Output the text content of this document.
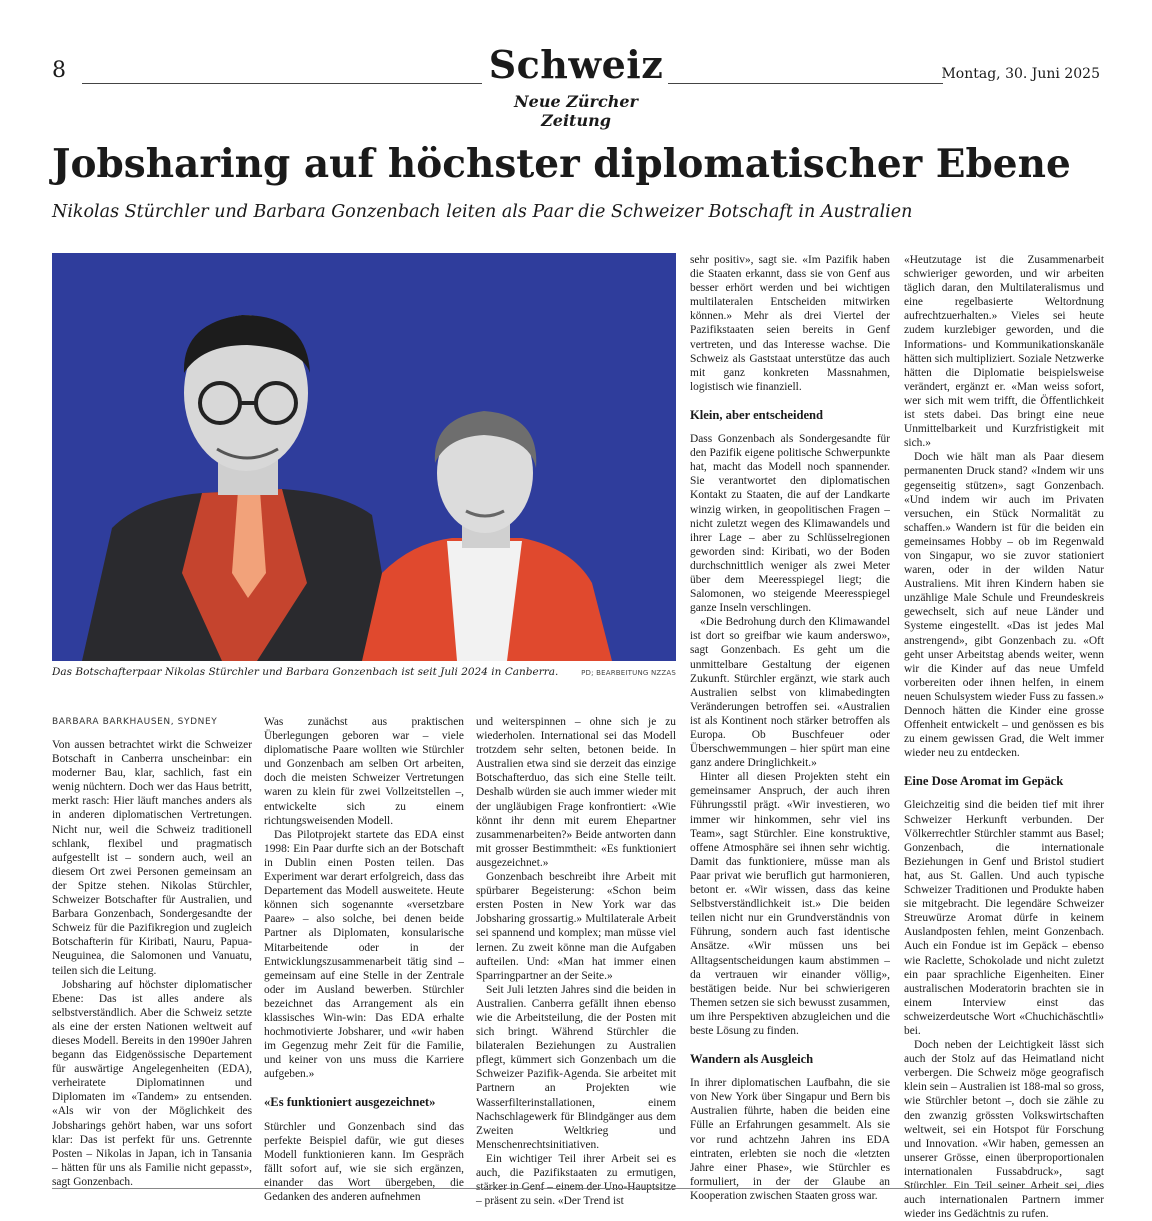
8	Schweiz
Neue Zürcher Zeitung
Montag, 30. Juni 2025
Jobsharing auf höchster diplomatischer Ebene
Nikolas Stürchler und Barbara Gonzenbach leiten als Paar die Schweizer Botschaft in Australien
Das Botschafterpaar Nikolas Stürchler und Barbara Gonzenbach ist seit Juli 2024 in Canberra.	PD; BEARBEITUNG NZZAS
BARBARA BARKHAUSEN, SYDNEY

Von aussen betrachtet wirkt die Schweizer Botschaft in Canberra unscheinbar: ein moderner Bau, klar, sachlich, fast ein wenig nüchtern. Doch wer das Haus betritt, merkt rasch: Hier läuft manches anders als in anderen diplomatischen Vertretungen. Nicht nur, weil die Schweiz traditionell schlank, flexibel und pragmatisch aufgestellt ist – sondern auch, weil an diesem Ort zwei Personen gemeinsam an der Spitze stehen. Nikolas Stürchler, Schweizer Botschafter für Australien, und Barbara Gonzenbach, Sondergesandte der Schweiz für die Pazifikregion und zugleich Botschafterin für Kiribati, Nauru, Papua-Neuguinea, die Salomonen und Vanuatu, teilen sich die Leitung.

Jobsharing auf höchster diplomatischer Ebene: Das ist alles andere als selbstverständlich. Aber die Schweiz setzte als eine der ersten Nationen weltweit auf dieses Modell. Bereits in den 1990er Jahren begann das Eidgenössische Departement für auswärtige Angelegenheiten (EDA), verheiratete Diplomatinnen und Diplomaten im «Tandem» zu entsenden. «Als wir von der Möglichkeit des Jobsharings gehört haben, war uns sofort klar: Das ist perfekt für uns. Getrennte Posten – Nikolas in Japan, ich in Tansania – hätten für uns als Familie nicht gepasst», sagt Gonzenbach.

Was zunächst aus praktischen Überlegungen geboren war – viele diplomatische Paare wollten wie Stürchler und Gonzenbach am selben Ort arbeiten, doch die meisten Schweizer Vertretungen waren zu klein für zwei Vollzeitstellen –, entwickelte sich zu einem richtungsweisenden Modell.

Das Pilotprojekt startete das EDA einst 1998: Ein Paar durfte sich an der Botschaft in Dublin einen Posten teilen. Das Experiment war derart erfolgreich, dass das Departement das Modell ausweitete. Heute können sich sogenannte «versetzbare Paare» – also solche, bei denen beide Partner als Diplomaten, konsularische Mitarbeitende oder in der Entwicklungszusammenarbeit tätig sind – gemeinsam auf eine Stelle in der Zentrale oder im Ausland bewerben. Stürchler bezeichnet das Arrangement als ein klassisches Win-win: Das EDA erhalte hochmotivierte Jobsharer, und «wir haben im Gegenzug mehr Zeit für die Familie, und keiner von uns muss die Karriere aufgeben.»

«Es funktioniert ausgezeichnet»

Stürchler und Gonzenbach sind das perfekte Beispiel dafür, wie gut dieses Modell funktionieren kann. Im Gespräch fällt sofort auf, wie sie sich ergänzen, einander das Wort übergeben, die Gedanken des anderen aufnehmen

und weiterspinnen – ohne sich je zu wiederholen. International sei das Modell trotzdem sehr selten, betonen beide. In Australien etwa sind sie derzeit das einzige Botschafterduo, das sich eine Stelle teilt. Deshalb würden sie auch immer wieder mit der ungläubigen Frage konfrontiert: «Wie könnt ihr denn mit eurem Ehepartner zusammenarbeiten?» Beide antworten dann mit grosser Bestimmtheit: «Es funktioniert ausgezeichnet.»

Gonzenbach beschreibt ihre Arbeit mit spürbarer Begeisterung: «Schon beim ersten Posten in New York war das Jobsharing grossartig.» Multilaterale Arbeit sei spannend und komplex; man müsse viel lernen. Zu zweit könne man die Aufgaben aufteilen. Und: «Man hat immer einen Sparringpartner an der Seite.»

Seit Juli letzten Jahres sind die beiden in Australien. Canberra gefällt ihnen ebenso wie die Arbeitsteilung, die der Posten mit sich bringt. Während Stürchler die bilateralen Beziehungen zu Australien pflegt, kümmert sich Gonzenbach um die Schweizer Pazifik-Agenda. Sie arbeitet mit Partnern an Projekten wie Wasserfilterinstallationen, einem Nachschlagewerk für Blindgänger aus dem Zweiten Weltkrieg und Menschenrechtsinitiativen.

Ein wichtiger Teil ihrer Arbeit sei es auch, die Pazifikstaaten zu ermutigen, stärker in Genf – einem der Uno-Hauptsitze – präsent zu sein. «Der Trend ist

sehr positiv», sagt sie. «Im Pazifik haben die Staaten erkannt, dass sie von Genf aus besser erhört werden und bei wichtigen multilateralen Entscheiden mitwirken können.» Mehr als drei Viertel der Pazifikstaaten seien bereits in Genf vertreten, und das Interesse wachse. Die Schweiz als Gaststaat unterstütze das auch mit ganz konkreten Massnahmen, logistisch wie finanziell.

Klein, aber entscheidend

Dass Gonzenbach als Sondergesandte für den Pazifik eigene politische Schwerpunkte hat, macht das Modell noch spannender. Sie verantwortet den diplomatischen Kontakt zu Staaten, die auf der Landkarte winzig wirken, in geopolitischen Fragen – nicht zuletzt wegen des Klimawandels und ihrer Lage – aber zu Schlüsselregionen geworden sind: Kiribati, wo der Boden durchschnittlich weniger als zwei Meter über dem Meeresspiegel liegt; die Salomonen, wo steigende Meeresspiegel ganze Inseln verschlingen.

«Die Bedrohung durch den Klimawandel ist dort so greifbar wie kaum anderswo», sagt Gonzenbach. Es geht um die unmittelbare Gestaltung der eigenen Zukunft. Stürchler ergänzt, wie stark auch Australien selbst von klimabedingten Veränderungen betroffen sei. «Australien ist als Kontinent noch stärker betroffen als Europa. Ob Buschfeuer oder Überschwemmungen – hier spürt man eine ganz andere Dringlichkeit.»

Hinter all diesen Projekten steht ein gemeinsamer Anspruch, der auch ihren Führungsstil prägt. «Wir investieren, wo immer wir hinkommen, sehr viel ins Team», sagt Stürchler. Eine konstruktive, offene Atmosphäre sei ihnen sehr wichtig. Damit das funktioniere, müsse man als Paar privat wie beruflich gut harmonieren, betont er. «Wir wissen, dass das keine Selbstverständlichkeit ist.» Die beiden teilen nicht nur ein Grundverständnis von Führung, sondern auch fast identische Ansätze. «Wir müssen uns bei Alltagsentscheidungen kaum abstimmen – da vertrauen wir einander völlig», bestätigen beide. Nur bei schwierigeren Themen setzen sie sich bewusst zusammen, um ihre Perspektiven abzugleichen und die beste Lösung zu finden.

Wandern als Ausgleich

In ihrer diplomatischen Laufbahn, die sie von New York über Singapur und Bern bis Australien führte, haben die beiden eine Fülle an Erfahrungen gesammelt. Als sie vor rund achtzehn Jahren ins EDA eintraten, erlebten sie noch die «letzten Jahre einer Phase», wie Stürchler es formuliert, in der der Glaube an Kooperation zwischen Staaten gross war.

«Heutzutage ist die Zusammenarbeit schwieriger geworden, und wir arbeiten täglich daran, den Multilateralismus und eine regelbasierte Weltordnung aufrechtzuerhalten.» Vieles sei heute zudem kurzlebiger geworden, und die Informations- und Kommunikationskanäle hätten sich multipliziert. Soziale Netzwerke hätten die Diplomatie beispielsweise verändert, ergänzt er. «Man weiss sofort, wer sich mit wem trifft, die Öffentlichkeit ist stets dabei. Das bringt eine neue Unmittelbarkeit und Kurzfristigkeit mit sich.»

Doch wie hält man als Paar diesem permanenten Druck stand? «Indem wir uns gegenseitig stützen», sagt Gonzenbach. «Und indem wir auch im Privaten versuchen, ein Stück Normalität zu schaffen.» Wandern ist für die beiden ein gemeinsames Hobby – ob im Regenwald von Singapur, wo sie zuvor stationiert waren, oder in der wilden Natur Australiens. Mit ihren Kindern haben sie unzählige Male Schule und Freundeskreis gewechselt, sich auf neue Länder und Systeme eingestellt. «Das ist jedes Mal anstrengend», gibt Gonzenbach zu. «Oft geht unser Arbeitstag abends weiter, wenn wir die Kinder auf das neue Umfeld vorbereiten oder ihnen helfen, in einem neuen Schulsystem wieder Fuss zu fassen.» Dennoch hätten die Kinder eine grosse Offenheit entwickelt – und genössen es bis zu einem gewissen Grad, die Welt immer wieder neu zu entdecken.

Eine Dose Aromat im Gepäck

Gleichzeitig sind die beiden tief mit ihrer Schweizer Herkunft verbunden. Der Völkerrechtler Stürchler stammt aus Basel; Gonzenbach, die internationale Beziehungen in Genf und Bristol studiert hat, aus St. Gallen. Und auch typische Schweizer Traditionen und Produkte haben sie mitgebracht. Die legendäre Schweizer Streuwürze Aromat dürfe in keinem Auslandposten fehlen, meint Gonzenbach. Auch ein Fondue ist im Gepäck – ebenso wie Raclette, Schokolade und nicht zuletzt ein paar sprachliche Eigenheiten. Einer australischen Moderatorin brachten sie in einem Interview einst das schweizerdeutsche Wort «Chuchichäschtli» bei.

Doch neben der Leichtigkeit lässt sich auch der Stolz auf das Heimatland nicht verbergen. Die Schweiz möge geografisch klein sein – Australien ist 188-mal so gross, wie Stürchler betont –, doch sie zähle zu den zwanzig grössten Volkswirtschaften weltweit, sei ein Hotspot für Forschung und Innovation. «Wir haben, gemessen an unserer Grösse, einen überproportionalen internationalen Fussabdruck», sagt Stürchler. Ein Teil seiner Arbeit sei, dies auch internationalen Partnern immer wieder ins Gedächtnis zu rufen.
